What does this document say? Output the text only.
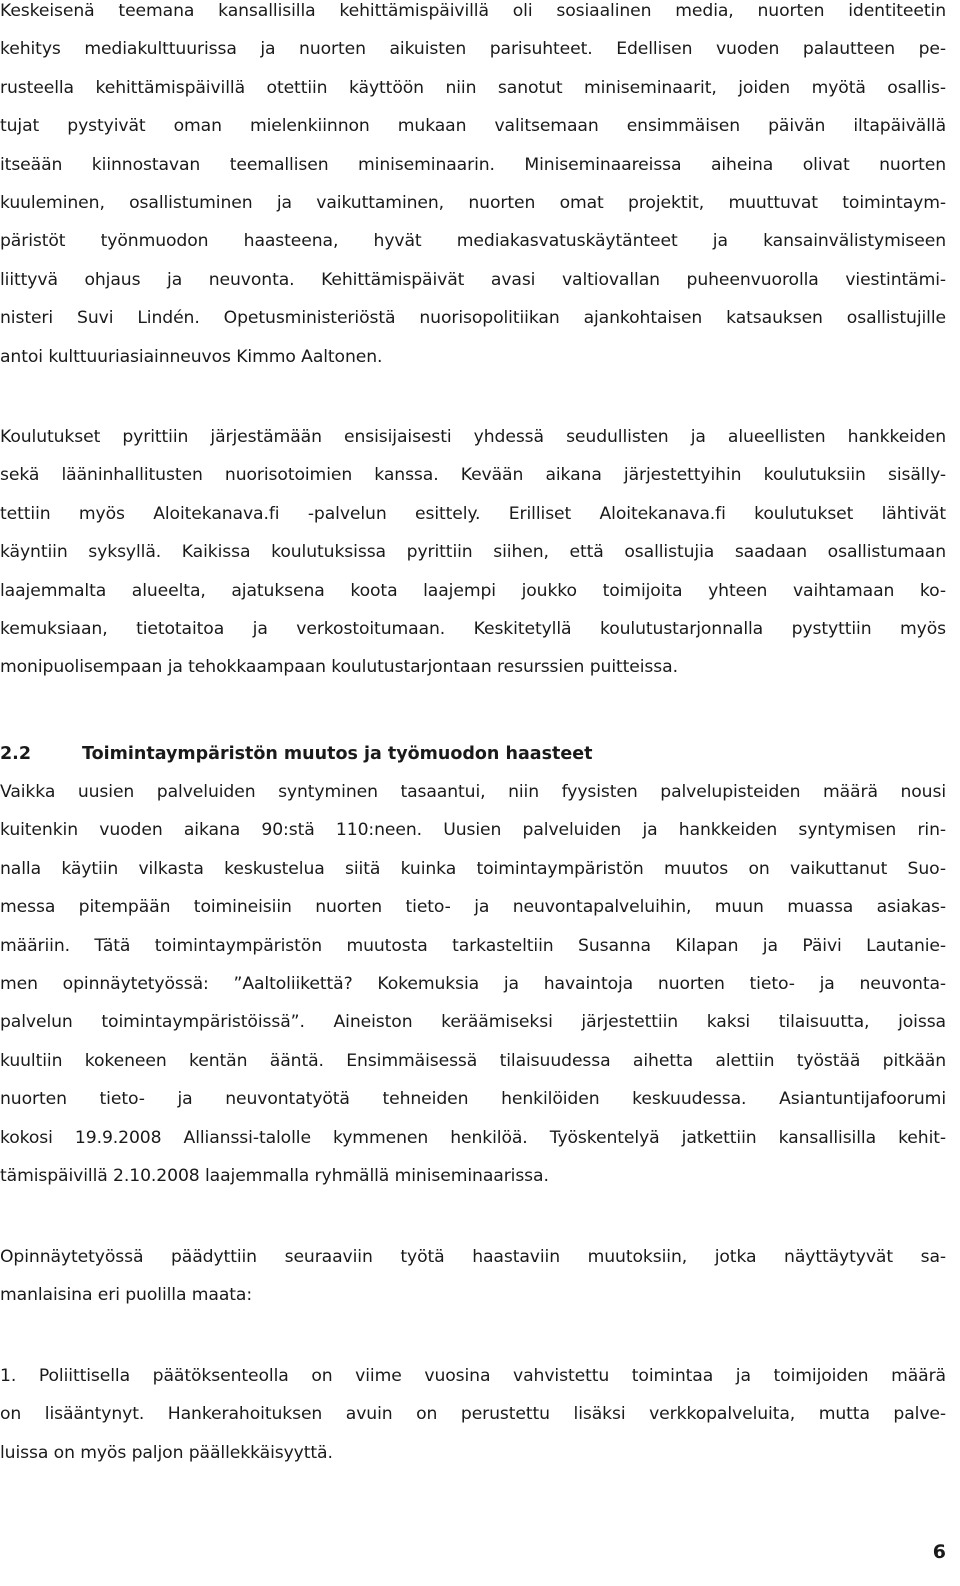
Keskeisenä teemana kansallisilla kehittämispäivillä oli sosiaalinen media, nuorten identiteetin
kehitys mediakulttuurissa ja nuorten aikuisten parisuhteet. Edellisen vuoden palautteen pe-
rusteella kehittämispäivillä otettiin käyttöön niin sanotut miniseminaarit, joiden myötä osallis-
tujat pystyivät oman mielenkiinnon mukaan valitsemaan ensimmäisen päivän iltapäivällä
itseään kiinnostavan teemallisen miniseminaarin. Miniseminaareissa aiheina olivat nuorten
kuuleminen, osallistuminen ja vaikuttaminen, nuorten omat projektit, muuttuvat toimintaym-
päristöt työnmuodon haasteena, hyvät mediakasvatuskäytänteet ja kansainvälistymiseen
liittyvä ohjaus ja neuvonta. Kehittämispäivät avasi valtiovallan puheenvuorolla viestintämi-
nisteri Suvi Lindén. Opetusministeriöstä nuorisopolitiikan ajankohtaisen katsauksen osallistujille
antoi kulttuuriasiainneuvos Kimmo Aaltonen.
Koulutukset pyrittiin järjestämään ensisijaisesti yhdessä seudullisten ja alueellisten hankkeiden
sekä lääninhallitusten nuorisotoimien kanssa. Kevään aikana järjestettyihin koulutuksiin sisälly-
tettiin myös Aloitekanava.fi -palvelun esittely. Erilliset Aloitekanava.fi koulutukset lähtivät
käyntiin syksyllä. Kaikissa koulutuksissa pyrittiin siihen, että osallistujia saadaan osallistumaan
laajemmalta alueelta, ajatuksena koota laajempi joukko toimijoita yhteen vaihtamaan ko-
kemuksiaan, tietotaitoa ja verkostoitumaan. Keskitetyllä koulutustarjonnalla pystyttiin myös
monipuolisempaan ja tehokkaampaan koulutustarjontaan resurssien puitteissa.
2.2	Toimintaympäristön muutos ja työmuodon haasteet
Vaikka uusien palveluiden syntyminen tasaantui, niin fyysisten palvelupisteiden määrä nousi
kuitenkin vuoden aikana 90:stä 110:neen. Uusien palveluiden ja hankkeiden syntymisen rin-
nalla käytiin vilkasta keskustelua siitä kuinka toimintaympäristön muutos on vaikuttanut Suo-
messa pitempään toimineisiin nuorten tieto- ja neuvontapalveluihin, muun muassa asiakas-
määriin. Tätä toimintaympäristön muutosta tarkasteltiin Susanna Kilapan ja Päivi Lautanie-
men opinnäytetyössä: ”Aaltoliikettä? Kokemuksia ja havaintoja nuorten tieto- ja neuvonta-
palvelun toimintaympäristöissä”. Aineiston keräämiseksi järjestettiin kaksi tilaisuutta, joissa
kuultiin kokeneen kentän ääntä. Ensimmäisessä tilaisuudessa aihetta alettiin työstää pitkään
nuorten tieto- ja neuvontatyötä tehneiden henkilöiden keskuudessa. Asiantuntijafoorumi
kokosi 19.9.2008 Allianssi-talolle kymmenen henkilöä. Työskentelyä jatkettiin kansallisilla kehit-
tämispäivillä 2.10.2008 laajemmalla ryhmällä miniseminaarissa.
Opinnäytetyössä päädyttiin seuraaviin työtä haastaviin muutoksiin, jotka näyttäytyvät sa-
manlaisina eri puolilla maata:
1. Poliittisella päätöksenteolla on viime vuosina vahvistettu toimintaa ja toimijoiden määrä
on lisääntynyt. Hankerahoituksen avuin on perustettu lisäksi verkkopalveluita, mutta palve-
luissa on myös paljon päällekkäisyyttä.
6
